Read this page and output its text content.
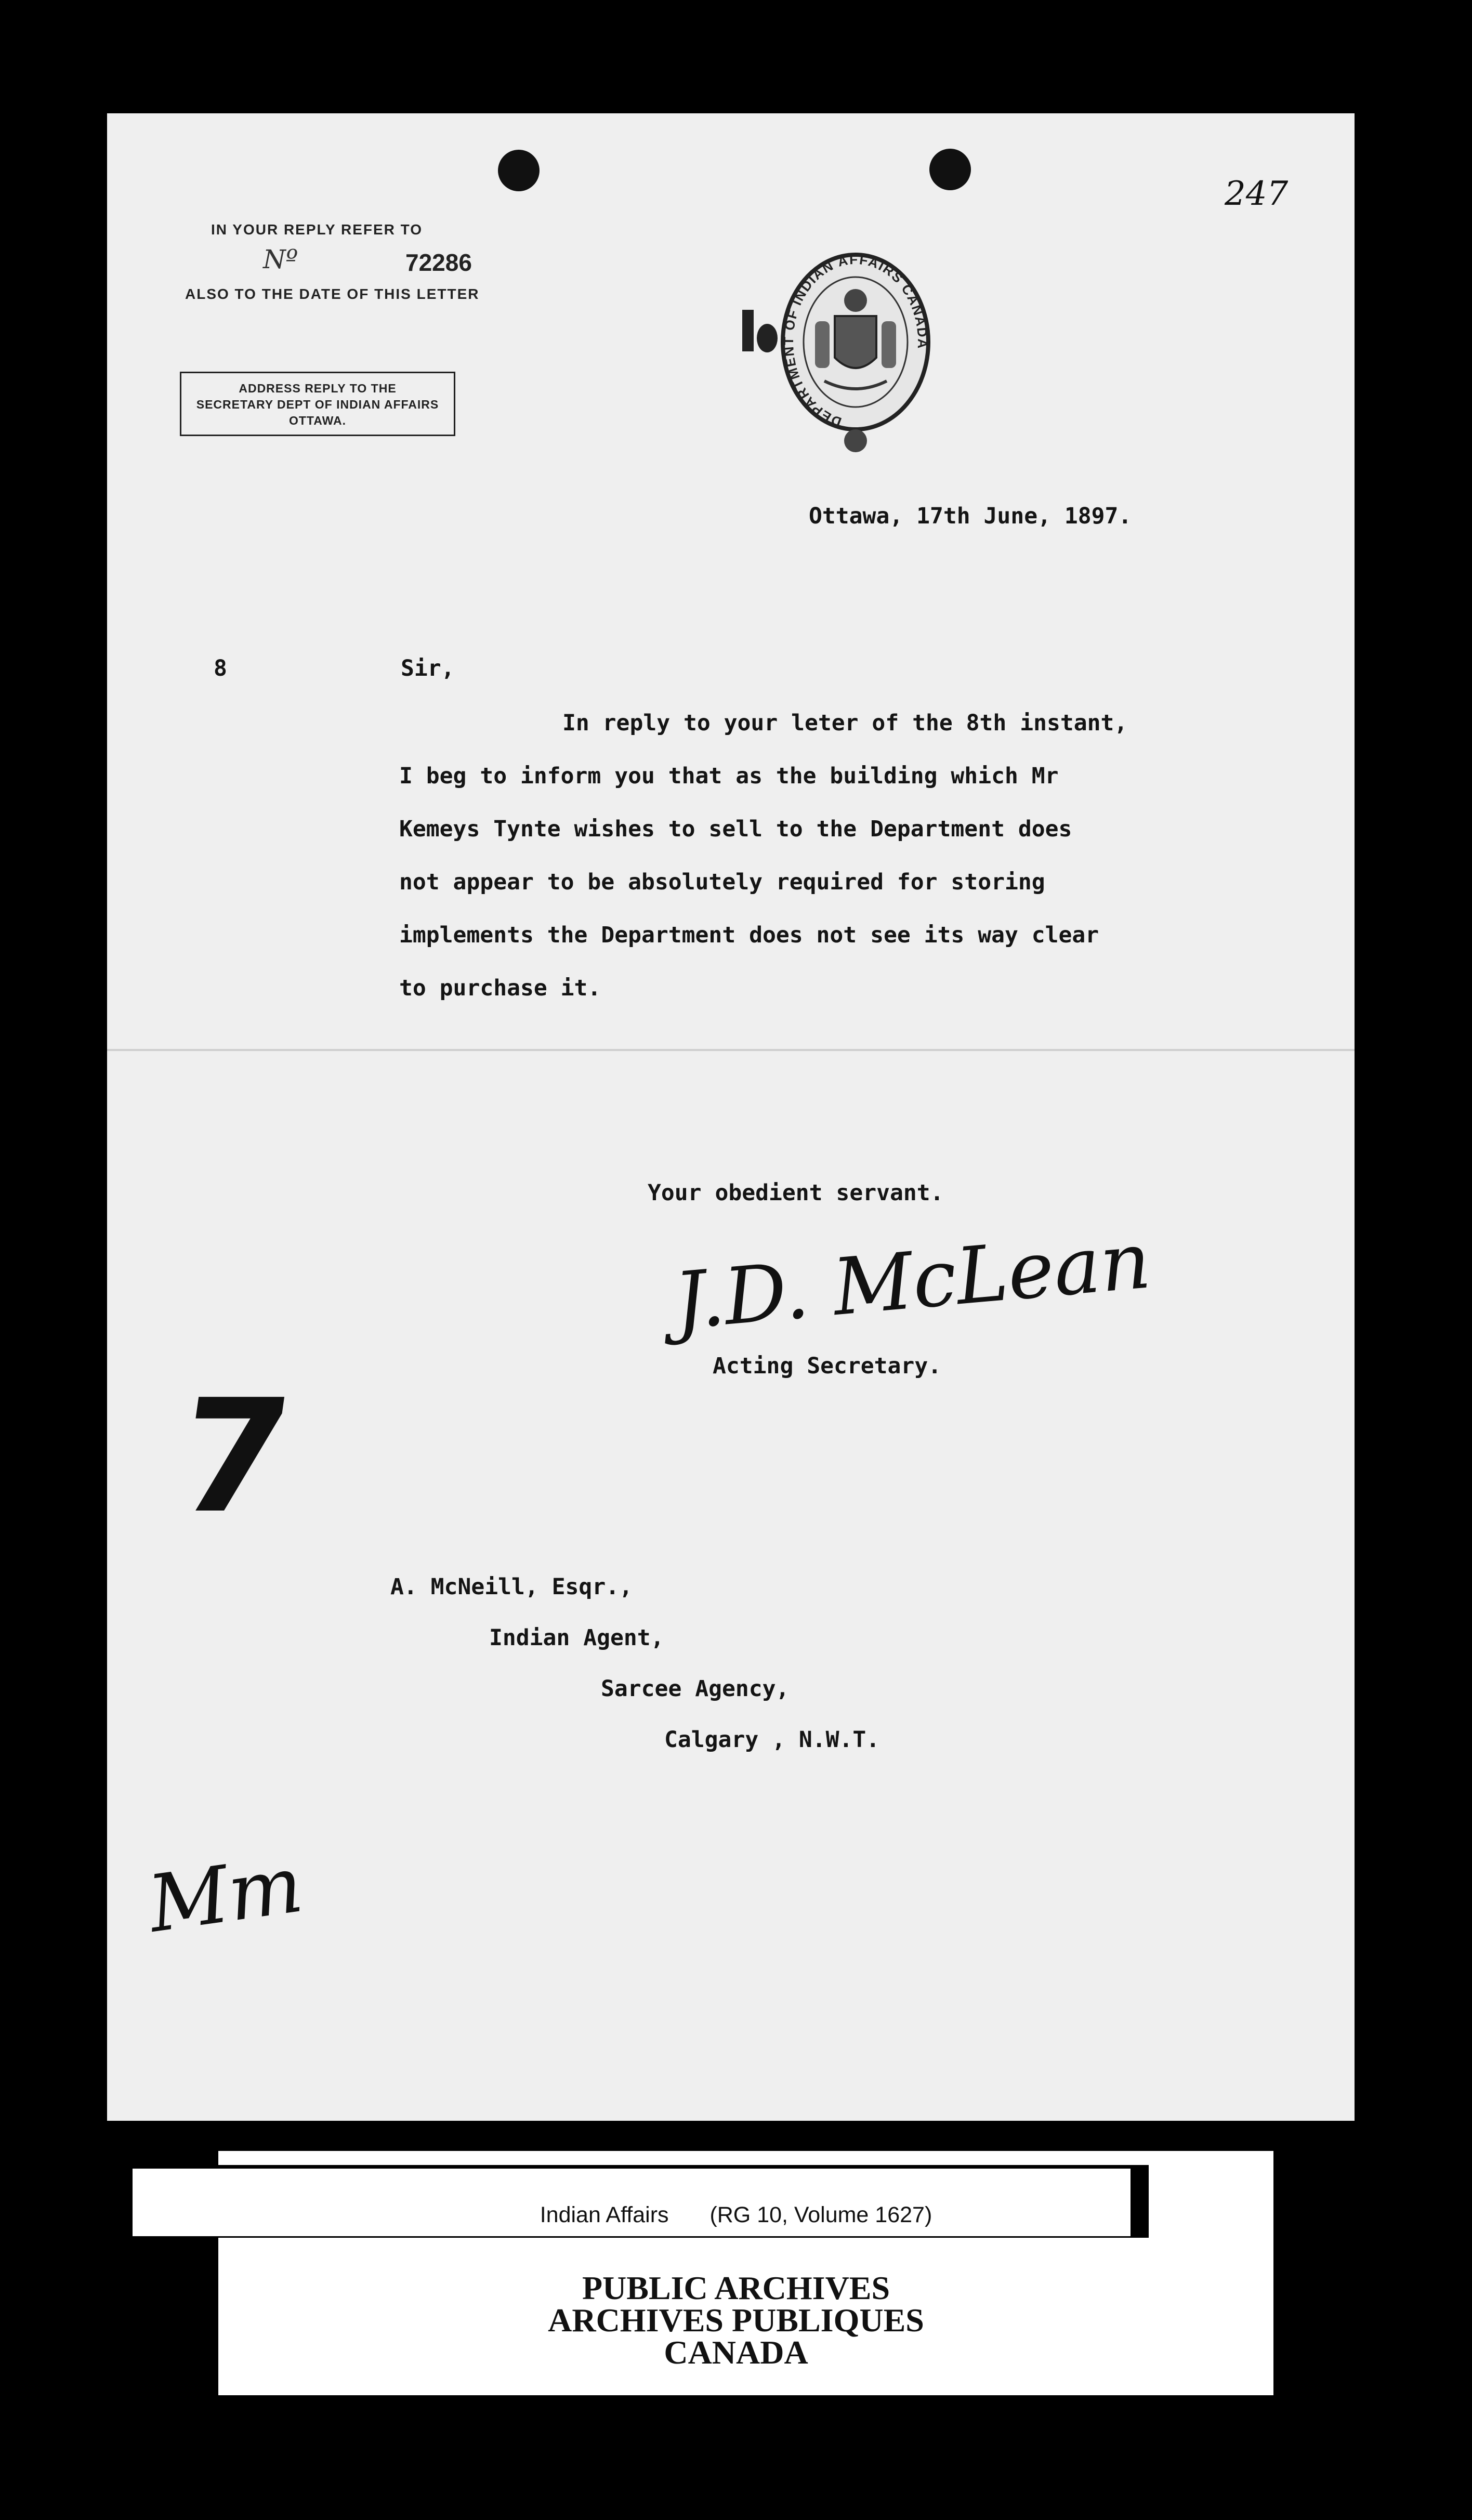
247
IN YOUR REPLY REFER TO
Nº	72286
ALSO TO THE DATE OF THIS LETTER
ADDRESS REPLY TO THE
SECRETARY DEPT OF INDIAN AFFAIRS
OTTAWA.	DEPARTMENT OF INDIAN AFFAIRS CANADA
Ottawa, 17th June, 1897.
8	Sir,
In reply to your leter of the 8th instant,
I beg to inform you that as the building which Mr
Kemeys Tynte wishes to sell to the Department does
not appear to be absolutely required for storing
implements the Department does not see its way clear
to purchase it.
Your obedient servant.
J.D. McLean
Acting Secretary.
7
A. McNeill, Esqr.,
Indian Agent,
Sarcee Agency,
Calgary , N.W.T.
Mm
Indian Affairs (RG 10, Volume 1627)
PUBLIC ARCHIVES
ARCHIVES PUBLIQUES
CANADA
